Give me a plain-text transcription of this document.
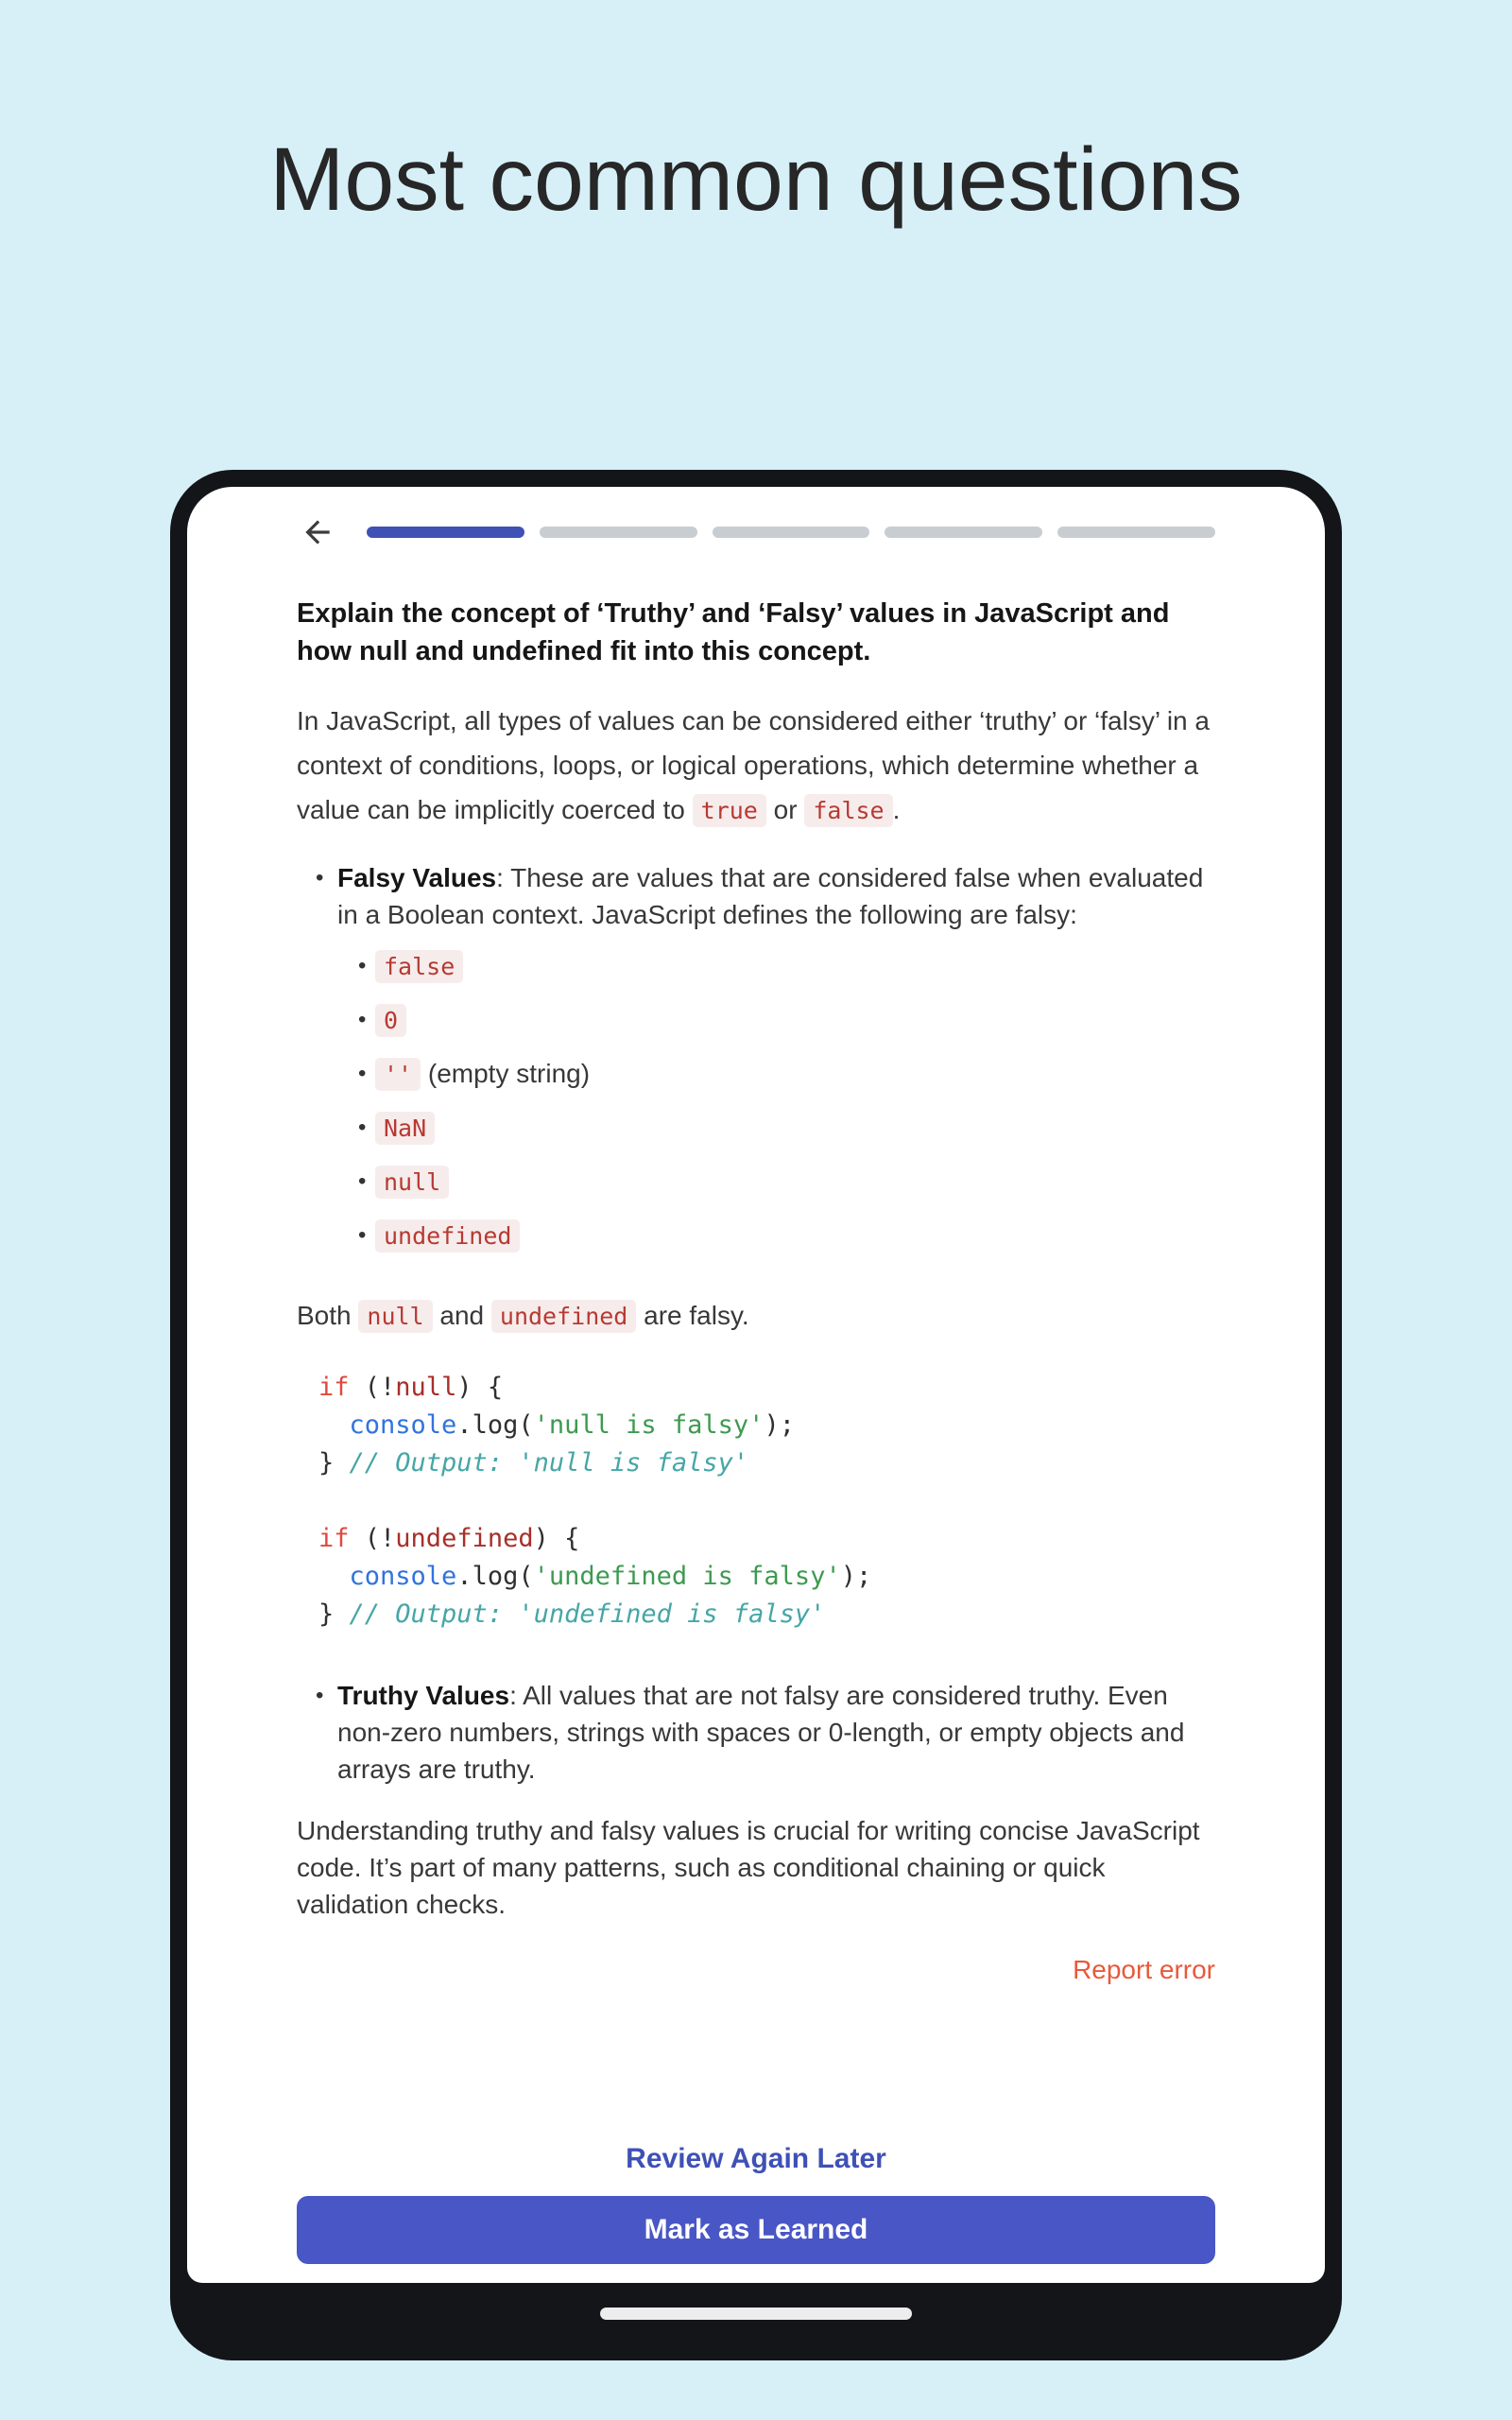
Most common questions
Explain the concept of ‘Truthy’ and ‘Falsy’ values in JavaScript and how null and undefined fit into this concept.

In JavaScript, all types of values can be considered either ‘truthy’ or ‘falsy’ in a context of conditions, loops, or logical operations, which determine whether a value can be implicitly coerced to true or false .

• Falsy Values: These are values that are considered false when evaluated in a Boolean context. JavaScript defines the following are falsy:

• false
• 0
• '' (empty string)
• NaN
• null
• undefined

Both null and undefined are falsy.

if (!null) {
console.log('null is falsy');
} // Output: 'null is falsy'
if (!undefined) {
console.log('undefined is falsy');
} // Output: 'undefined is falsy'

• Truthy Values: All values that are not falsy are considered truthy. Even non-zero numbers, strings with spaces or 0-length, or empty objects and arrays are truthy.

Understanding truthy and falsy values is crucial for writing concise JavaScript code. It’s part of many patterns, such as conditional chaining or quick validation checks.

Report error
Review Again Later
Mark as Learned
